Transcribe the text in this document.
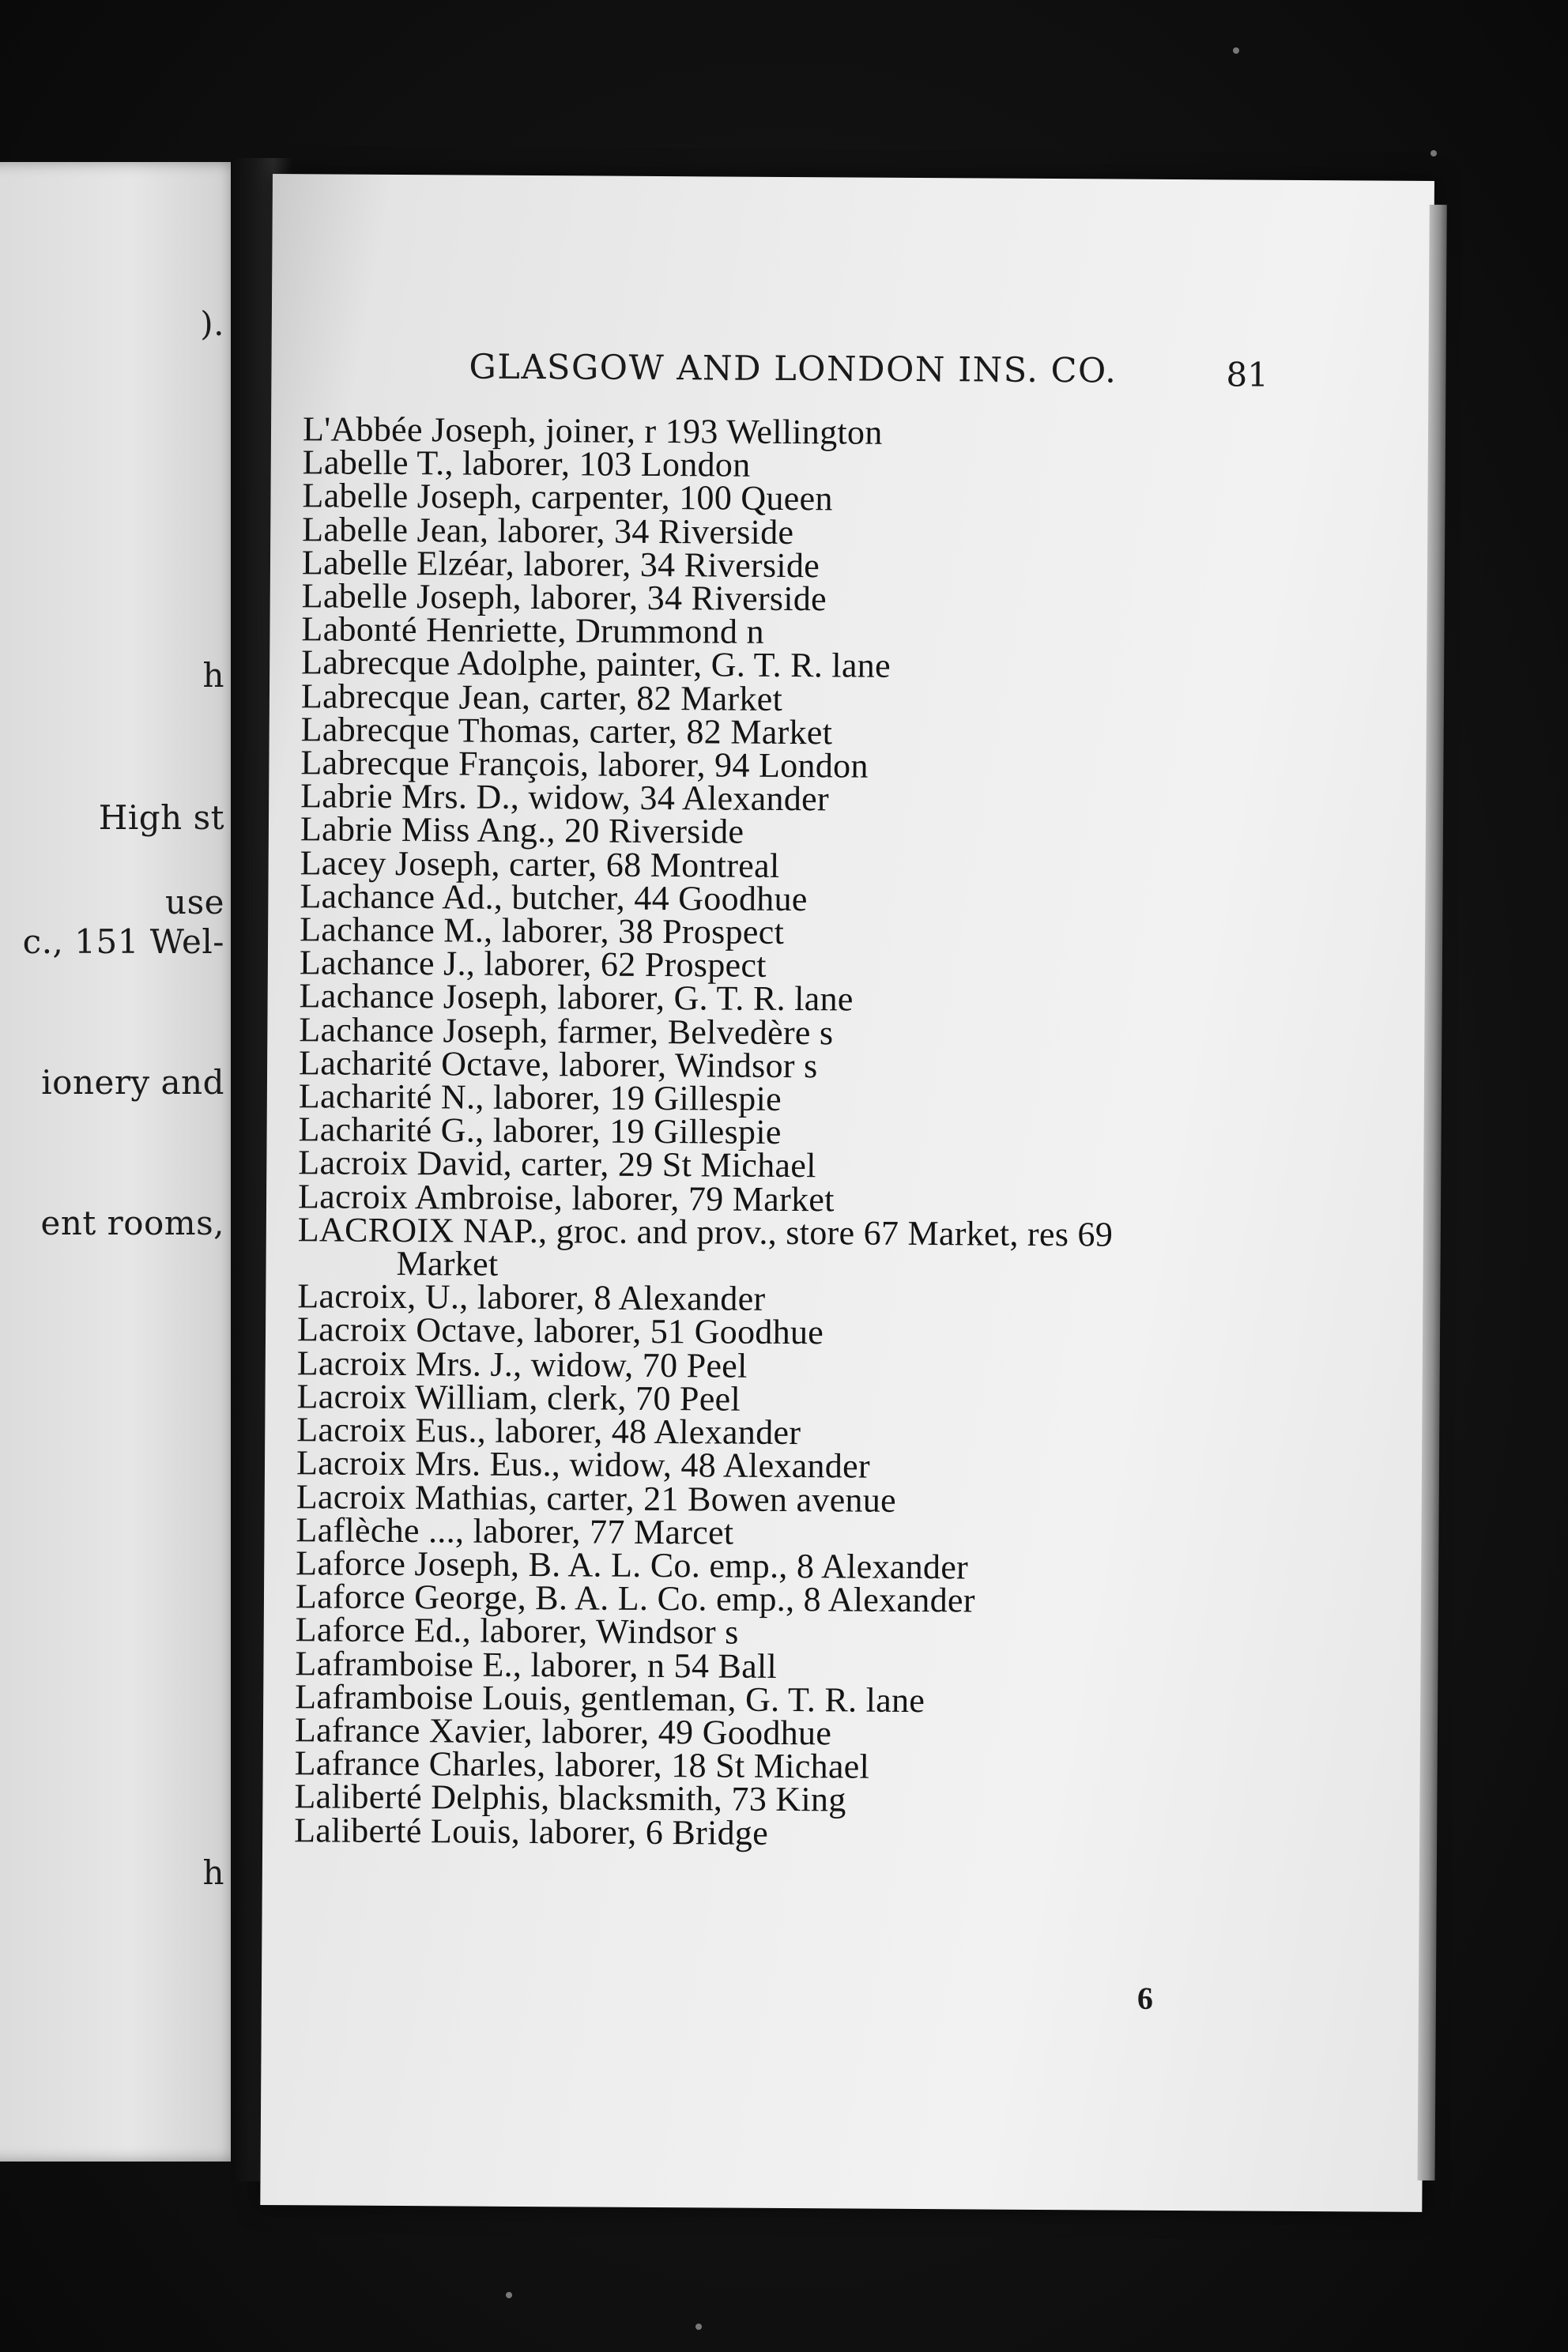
).
h
High st
use
c., 151 Wel-
ionery and
ent rooms,
h
GLASGOW AND LONDON INS. CO.	81
L'Abbée Joseph, joiner, r 193 Wellington
Labelle T., laborer, 103 London
Labelle Joseph, carpenter, 100 Queen
Labelle Jean, laborer, 34 Riverside
Labelle Elzéar, laborer, 34 Riverside
Labelle Joseph, laborer, 34 Riverside
Labonté Henriette, Drummond n
Labrecque Adolphe, painter, G. T. R. lane
Labrecque Jean, carter, 82 Market
Labrecque Thomas, carter, 82 Market
Labrecque François, laborer, 94 London
Labrie Mrs. D., widow, 34 Alexander
Labrie Miss Ang., 20 Riverside
Lacey Joseph, carter, 68 Montreal
Lachance Ad., butcher, 44 Goodhue
Lachance M., laborer, 38 Prospect
Lachance J., laborer, 62 Prospect
Lachance Joseph, laborer, G. T. R. lane
Lachance Joseph, farmer, Belvedère s
Lacharité Octave, laborer, Windsor s
Lacharité N., laborer, 19 Gillespie
Lacharité G., laborer, 19 Gillespie
Lacroix David, carter, 29 St Michael
Lacroix Ambroise, laborer, 79 Market
LACROIX NAP., groc. and prov., store 67 Market, res 69
Market
Lacroix, U., laborer, 8 Alexander
Lacroix Octave, laborer, 51 Goodhue
Lacroix Mrs. J., widow, 70 Peel
Lacroix William, clerk, 70 Peel
Lacroix Eus., laborer, 48 Alexander
Lacroix Mrs. Eus., widow, 48 Alexander
Lacroix Mathias, carter, 21 Bowen avenue
Laflèche ..., laborer, 77 Marcet
Laforce Joseph, B. A. L. Co. emp., 8 Alexander
Laforce George, B. A. L. Co. emp., 8 Alexander
Laforce Ed., laborer, Windsor s
Laframboise E., laborer, n 54 Ball
Laframboise Louis, gentleman, G. T. R. lane
Lafrance Xavier, laborer, 49 Goodhue
Lafrance Charles, laborer, 18 St Michael
Laliberté Delphis, blacksmith, 73 King
Laliberté Louis, laborer, 6 Bridge
6
